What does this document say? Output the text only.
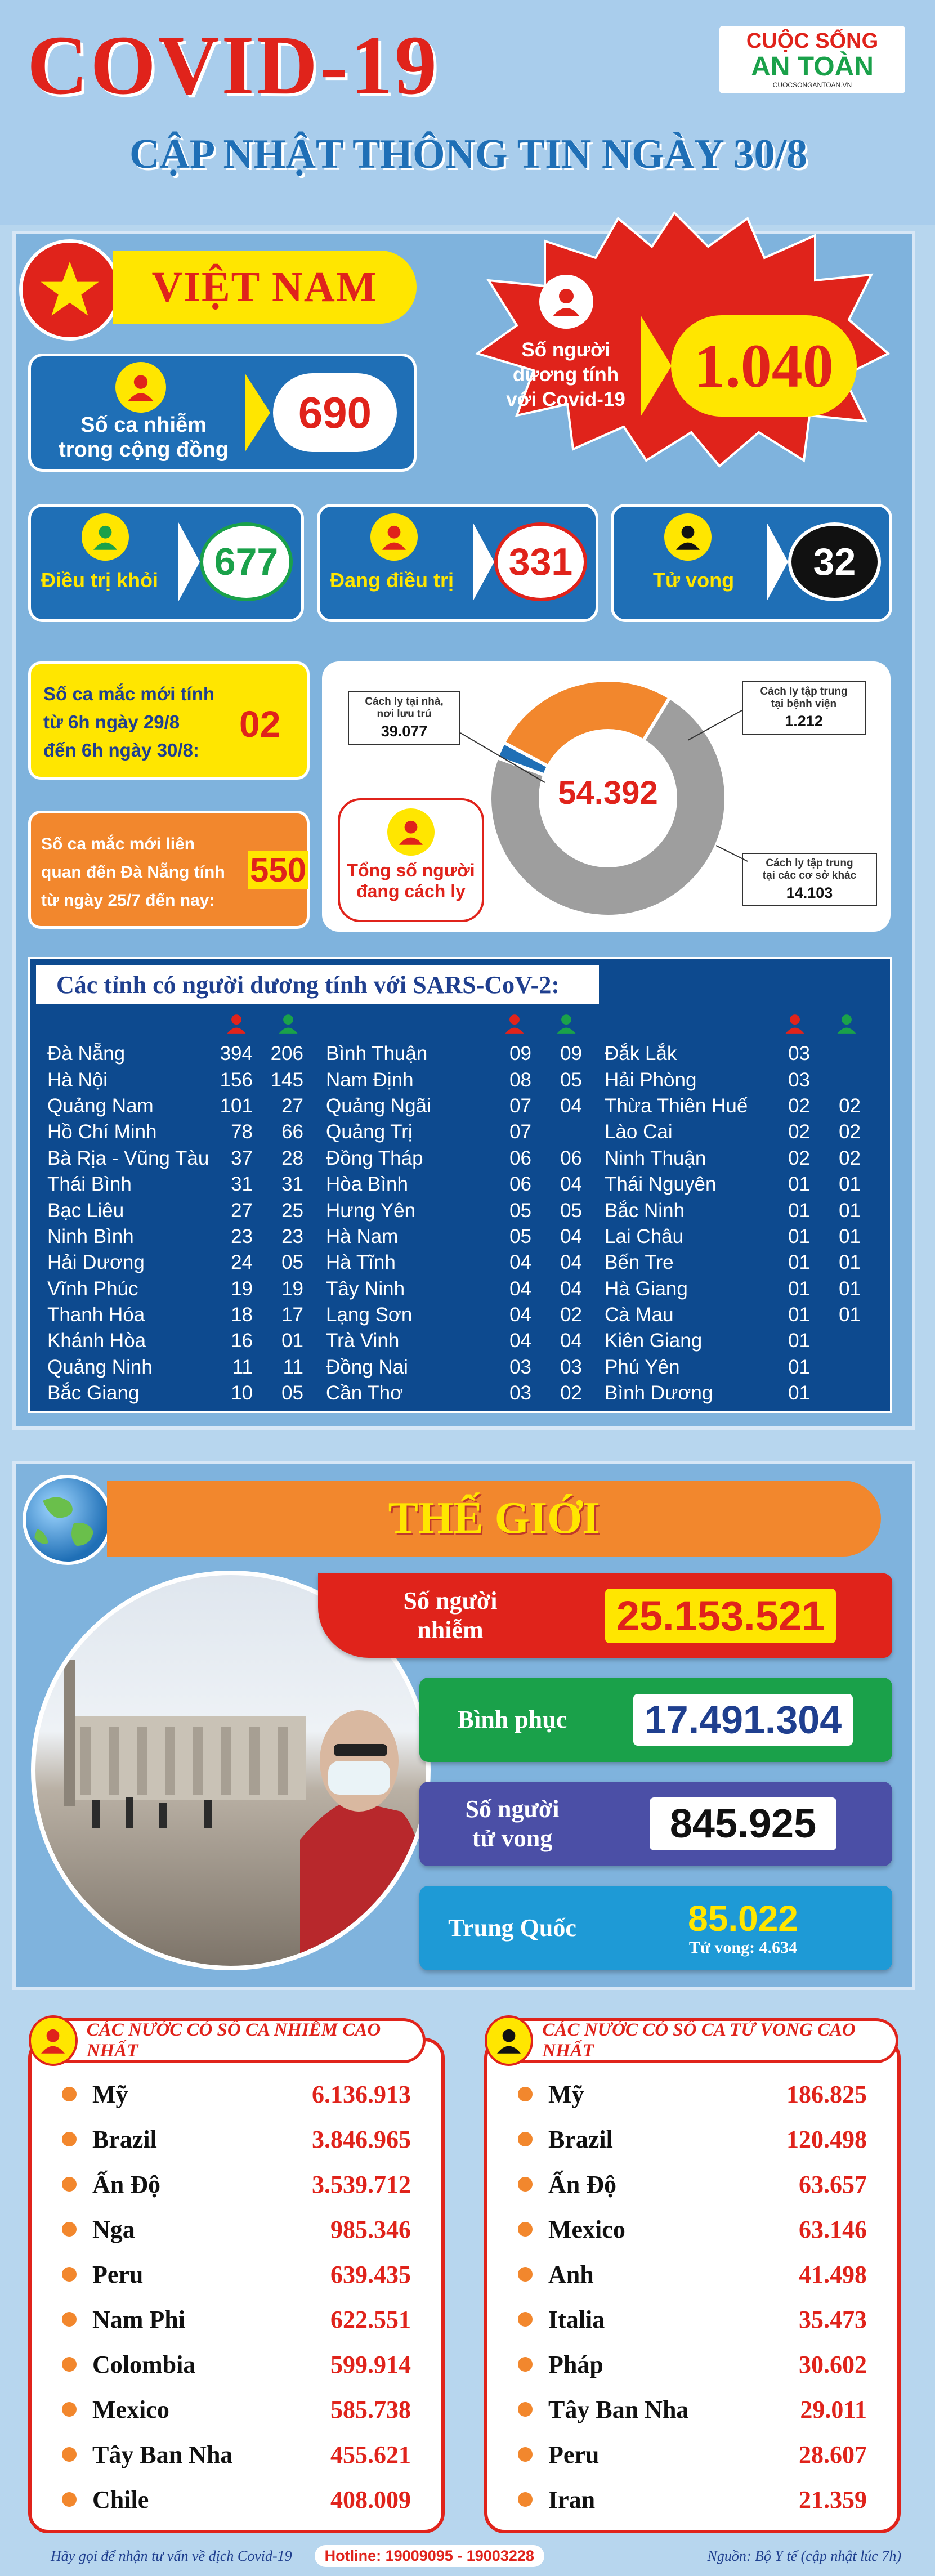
COVID-19
CẬP NHẬT THÔNG TIN NGÀY 30/8
CUỘC SỐNG
AN TOÀN
CUOCSONGANTOAN.VN
VIỆT NAM
Số người
dương tính
với Covid-19 1.040
Số ca nhiễm
trong cộng đồng
690
Điều trị khỏi	677	Đang điều trị	331	Tử vong	32
Số ca mắc mới tính
từ 6h ngày 29/8
đến 6h ngày 30/8:
02
Số ca mắc mới liên
quan đến Đà Nẵng tính
từ ngày 25/7 đến nay:
550
54.392
Cách ly tại nhà,
nơi lưu trú
39.077
Cách ly tập trung
tại bệnh viện
1.212
Cách ly tập trung
tại các cơ sở khác
14.103
Tổng số người
đang cách ly
Các tỉnh có người dương tính với SARS-CoV-2:
Đà Nẵng	394	206
Hà Nội	156	145
Quảng Nam	101	27
Hồ Chí Minh	78	66
Bà Rịa - Vũng Tàu	37	28
Thái Bình	31	31
Bạc Liêu	27	25
Ninh Bình	23	23
Hải Dương	24	05
Vĩnh Phúc	19	19
Thanh Hóa	18	17
Khánh Hòa	16	01
Quảng Ninh	11	11
Bắc Giang	10	05
Bình Thuận	09	09
Nam Định	08	05
Quảng Ngãi	07	04
Quảng Trị	07	
Đồng Tháp	06	06
Hòa Bình	06	04
Hưng Yên	05	05
Hà Nam	05	04
Hà Tĩnh	04	04
Tây Ninh	04	04
Lạng Sơn	04	02
Trà Vinh	04	04
Đồng Nai	03	03
Cần Thơ	03	02
Đắk Lắk	03	
Hải Phòng	03	
Thừa Thiên Huế	02	02
Lào Cai	02	02
Ninh Thuận	02	02
Thái Nguyên	01	01
Bắc Ninh	01	01
Lai Châu	01	01
Bến Tre	01	01
Hà Giang	01	01
Cà Mau	01	01
Kiên Giang	01	
Phú Yên	01	
Bình Dương	01	
THẾ GIỚI
Số người
nhiễm	25.153.521
Bình phục	17.491.304
Số người
tử vong	845.925
Trung Quốc	85.022
Tử vong: 4.634
CÁC NƯỚC CÓ SỐ CA NHIỄM CAO NHẤT
Mỹ	6.136.913
Brazil	3.846.965
Ấn Độ	3.539.712
Nga	985.346
Peru	639.435
Nam Phi	622.551
Colombia	599.914
Mexico	585.738
Tây Ban Nha	455.621
Chile	408.009
CÁC NƯỚC CÓ SỐ CA TỬ VONG CAO NHẤT
Mỹ	186.825
Brazil	120.498
Ấn Độ	63.657
Mexico	63.146
Anh	41.498
Italia	35.473
Pháp	30.602
Tây Ban Nha	29.011
Peru	28.607
Iran	21.359
Hãy gọi để nhận tư vấn về dịch Covid-19	Hotline: 19009095 - 19003228	Nguồn: Bộ Y tế (cập nhật lúc 7h)
